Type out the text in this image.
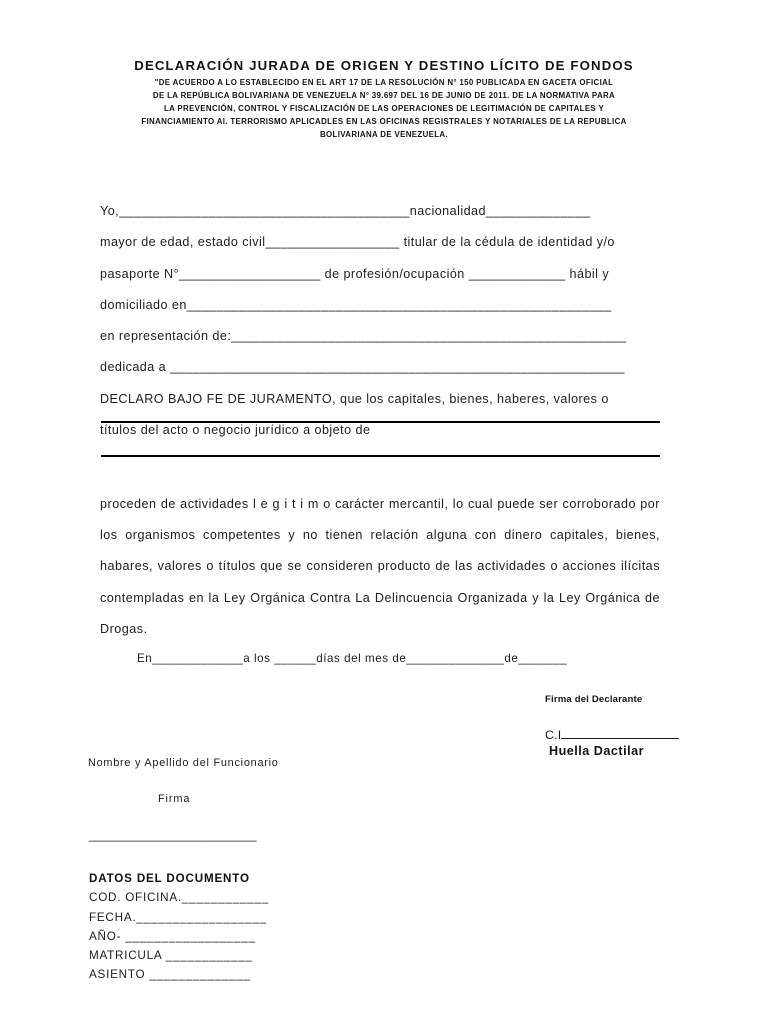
DECLARACIÓN JURADA DE ORIGEN Y DESTINO LÍCITO DE FONDOS
"DE ACUERDO A LO ESTABLECIDO EN EL ART 17 DE LA RESOLUCIÓN N° 150 PUBLICADA EN GACETA OFICIAL
DE LA REPÚBLICA BOLIVARIANA DE VENEZUELA N° 39.697 DEL 16 DE JUNIO DE 2011. DE LA NORMATIVA PARA
LA PREVENCIÓN, CONTROL Y FISCALIZACIÓN DE LAS OPERACIONES DE LEGITIMACIÓN DE CAPITALES Y
FINANCIAMIENTO Al. TERRORISMO APLICADLES EN LAS OFICINAS REGISTRALES Y NOTARIALES DE LA REPUBLICA
BOLIVARIANA DE VENEZUELA.
Yo,_______________________________________nacionalidad______________
mayor de edad, estado civil__________________ titular de la cédula de identidad y/o
pasaporte N°___________________ de profesión/ocupación _____________ hábil y
domiciliado en_________________________________________________________
en representación de:_____________________________________________________
dedicada a _____________________________________________________________
DECLARO BAJO FE DE JURAMENTO, que los capitales, bienes, haberes, valores o
títulos del acto o negocio jurídico a objeto de
proceden de actividades l e g i t i m o carácter mercantil, lo cual puede ser corroborado por los organismos competentes y no tienen relación alguna con dinero capitales, bienes, habares, valores o títulos que se consideren producto de las actividades o acciones ilícitas contempladas en la Ley Orgánica Contra La Delincuencia Organizada y la Ley Orgánica de Drogas.
En_____________a los ______días del mes de______________de_______
Firma del Declarante
C.I
Huella Dactilar
Nombre y Apellido del Funcionario
Firma
________________________
DATOS DEL DOCUMENTO
COD. OFICINA.____________
FECHA.__________________
AÑO- __________________
MATRICULA ____________
ASIENTO ______________
